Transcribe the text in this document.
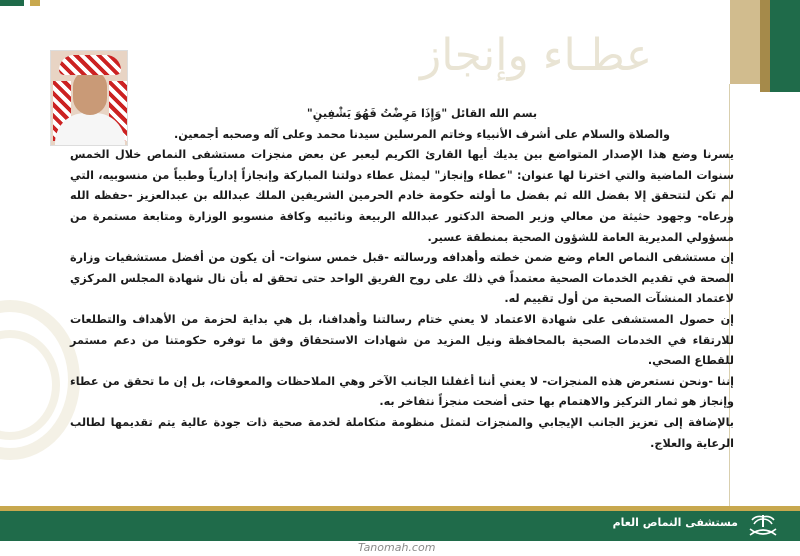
عطـاء وإنجاز

بسم الله القائل "وَإِذَا مَرِضْتُ فَهُوَ يَشْفِينِ"

والصلاة والسلام على أشرف الأنبياء وخاتم المرسلين سيدنا محمد وعلى آله وصحبه أجمعين.

يسرنا وضع هذا الإصدار المتواضع بين يديك أيها القارئ الكريم ليعبر عن بعض منجزات مستشفى النماص خلال الخمس سنوات الماضية والتي اخترنا لها عنوان: "عطاء وإنجاز" ليمثل عطاء دولتنا المباركة وإنجازاً إدارياً وطبياً من منسوبيه، التي لم تكن لتتحقق إلا بفضل الله ثم بفضل ما أولته حكومة خادم الحرمين الشريفين الملك عبدالله بن عبدالعزيز -حفظه الله ورعاه- وجهود حثيثة من معالي وزير الصحة الدكتور عبدالله الربيعة ونائبيه وكافة منسوبو الوزارة ومتابعة مستمرة من مسؤولي المديرية العامة للشؤون الصحية بمنطقة عسير.

إن مستشفى النماص العام وضع ضمن خطته وأهدافه ورسالته -قبل خمس سنوات- أن يكون من أفضل مستشفيات وزارة الصحة في تقديم الخدمات الصحية معتمداً في ذلك على روح الفريق الواحد حتى تحقق له بأن نال شهادة المجلس المركزي لاعتماد المنشآت الصحية من أول تقييم له.

إن حصول المستشفى على شهادة الاعتماد لا يعني ختام رسالتنا وأهدافنا، بل هي بداية لحزمة من الأهداف والتطلعات للارتقاء في الخدمات الصحية بالمحافظة ونيل المزيد من شهادات الاستحقاق وفق ما توفره حكومتنا من دعم مستمر للقطاع الصحي.

إننا -ونحن نستعرض هذه المنجزات- لا يعني أننا أغفلنا الجانب الآخر وهي الملاحظات والمعوقات، بل إن ما تحقق من عطاء وإنجاز هو ثمار التركيز والاهتمام بها حتى أضحت منجزاً نتفاخر به.

بالإضافة إلى تعزيز الجانب الإيجابي والمنجزات لتمثل منظومة متكاملة لخدمة صحية ذات جودة عالية يتم تقديمها لطالب الرعاية والعلاج.

مستشفى النماص العام
Tanomah.com
